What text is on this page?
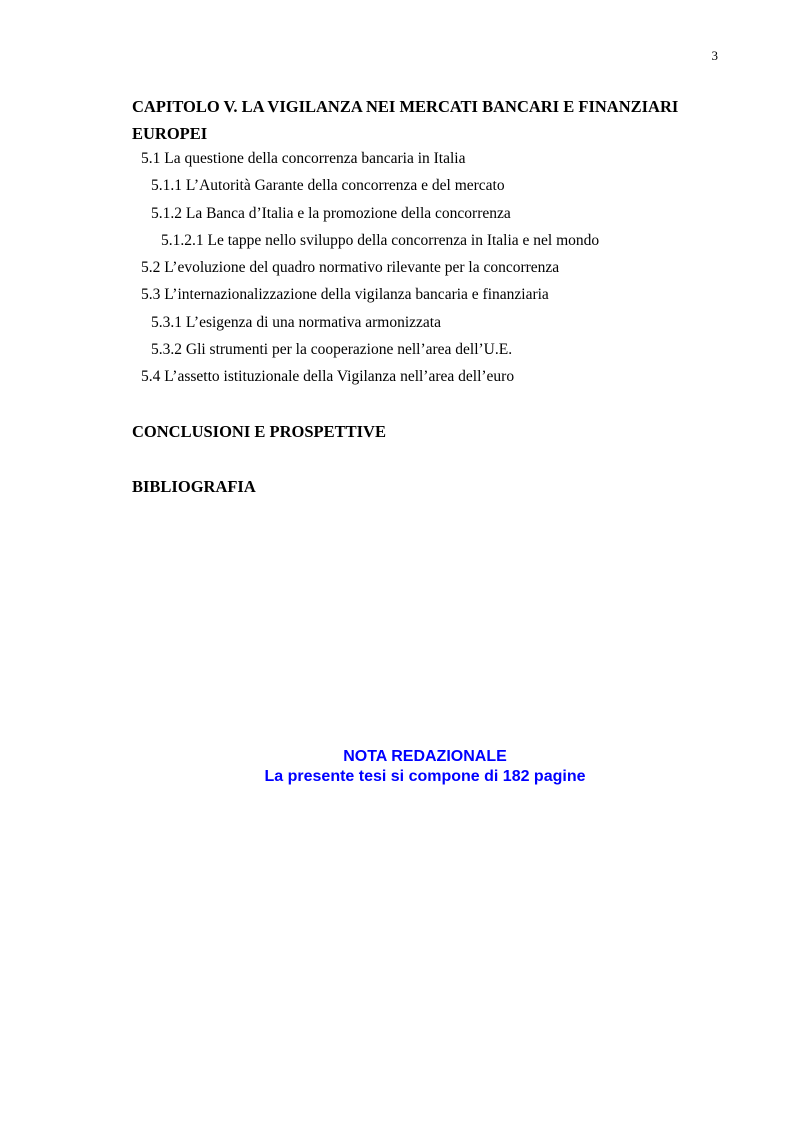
3
CAPITOLO V. LA VIGILANZA NEI MERCATI BANCARI E FINANZIARI EUROPEI
5.1 La questione della concorrenza bancaria in Italia
5.1.1 L’Autorità Garante della concorrenza e del mercato
5.1.2 La Banca d’Italia e la promozione della concorrenza
5.1.2.1 Le tappe nello sviluppo della concorrenza in Italia e nel mondo
5.2 L’evoluzione del quadro normativo rilevante per la concorrenza
5.3 L’internazionalizzazione della vigilanza bancaria e finanziaria
5.3.1 L’esigenza di una normativa armonizzata
5.3.2 Gli strumenti per la cooperazione nell’area dell’U.E.
5.4 L’assetto istituzionale della Vigilanza nell’area dell’euro
CONCLUSIONI E PROSPETTIVE
BIBLIOGRAFIA
NOTA REDAZIONALE
La presente tesi si compone di 182 pagine
